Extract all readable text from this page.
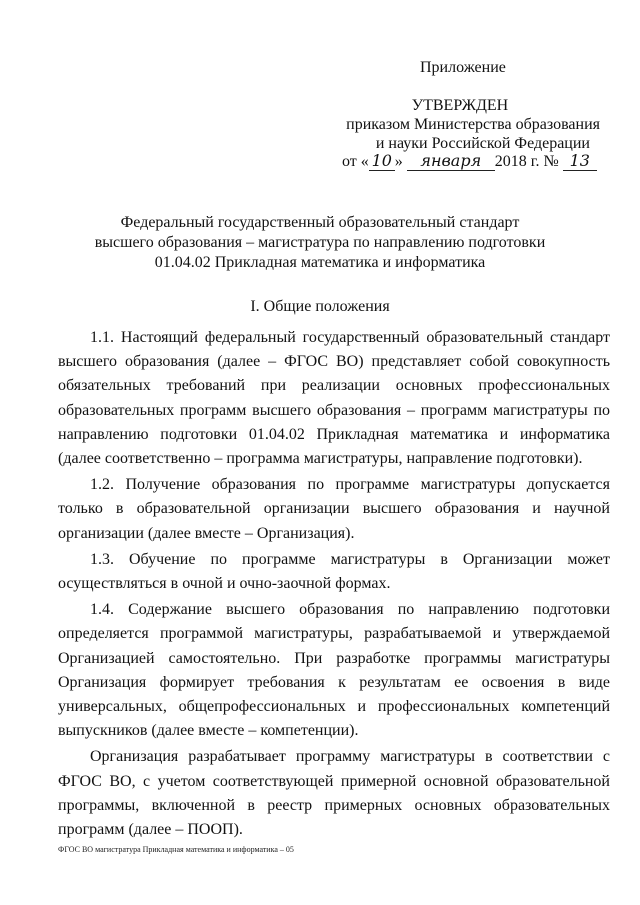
Приложение
УТВЕРЖДЕН
приказом Министерства образования
и науки Российской Федерации
от « 10 » января 2018 г. № 13
Федеральный государственный образовательный стандарт
высшего образования – магистратура по направлению подготовки
01.04.02 Прикладная математика и информатика
I. Общие положения

1.1. Настоящий федеральный государственный образовательный стандарт высшего образования (далее – ФГОС ВО) представляет собой совокупность обязательных требований при реализации основных профессиональных образовательных программ высшего образования – программ магистратуры по направлению подготовки 01.04.02 Прикладная математика и информатика (далее соответственно – программа магистратуры, направление подготовки).

1.2. Получение образования по программе магистратуры допускается только в образовательной организации высшего образования и научной организации (далее вместе – Организация).

1.3. Обучение по программе магистратуры в Организации может осуществляться в очной и очно-заочной формах.

1.4. Содержание высшего образования по направлению подготовки определяется программой магистратуры, разрабатываемой и утверждаемой Организацией самостоятельно. При разработке программы магистратуры Организация формирует требования к результатам ее освоения в виде универсальных, общепрофессиональных и профессиональных компетенций выпускников (далее вместе – компетенции).

Организация разрабатывает программу магистратуры в соответствии с ФГОС ВО, с учетом соответствующей примерной основной образовательной программы, включенной в реестр примерных основных образовательных программ (далее – ПООП).

ФГОС ВО магистратура Прикладная математика и информатика – 05
